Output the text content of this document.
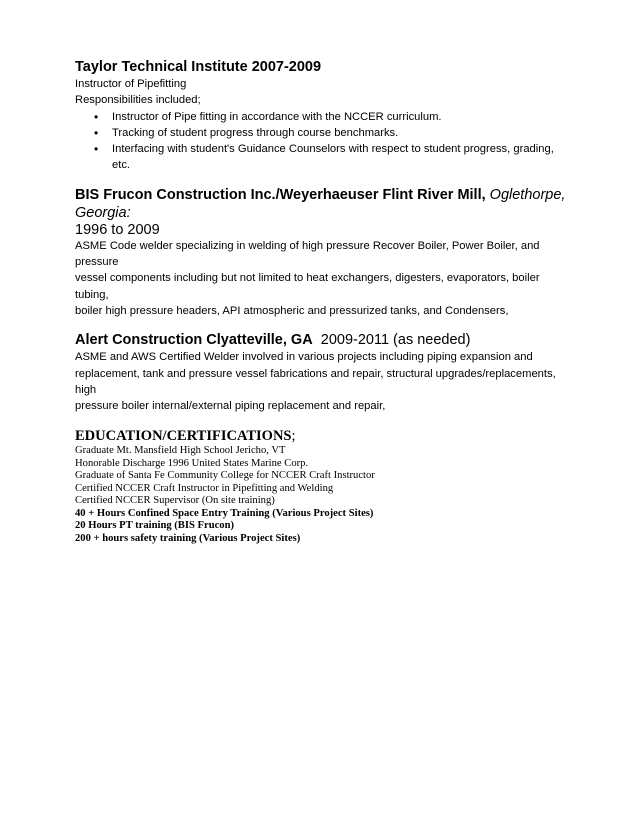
Taylor Technical Institute 2007-2009

Instructor of Pipefitting

Responsibilities included;

• Instructor of Pipe fitting in accordance with the NCCER curriculum.
• Tracking of student progress through course benchmarks.
• Interfacing with student's Guidance Counselors with respect to student progress, grading, etc.

BIS Frucon Construction Inc./Weyerhaeuser Flint River Mill, Oglethorpe, Georgia:

1996 to 2009

ASME Code welder specializing in welding of high pressure Recover Boiler, Power Boiler, and pressure

vessel components including but not limited to heat exchangers, digesters, evaporators, boiler tubing,

boiler high pressure headers, API atmospheric and pressurized tanks, and Condensers,

Alert Construction Clyatteville, GA 2009-2011 (as needed)

ASME and AWS Certified Welder involved in various projects including piping expansion and

replacement, tank and pressure vessel fabrications and repair, structural upgrades/replacements, high

pressure boiler internal/external piping replacement and repair,

EDUCATION/CERTIFICATIONS;

Graduate Mt. Mansfield High School Jericho, VT

Honorable Discharge 1996 United States Marine Corp.

Graduate of Santa Fe Community College for NCCER Craft Instructor

Certified NCCER Craft Instructor in Pipefitting and Welding

Certified NCCER Supervisor (On site training)

40 + Hours Confined Space Entry Training (Various Project Sites)

20 Hours PT training (BIS Frucon)

200 + hours safety training (Various Project Sites)
